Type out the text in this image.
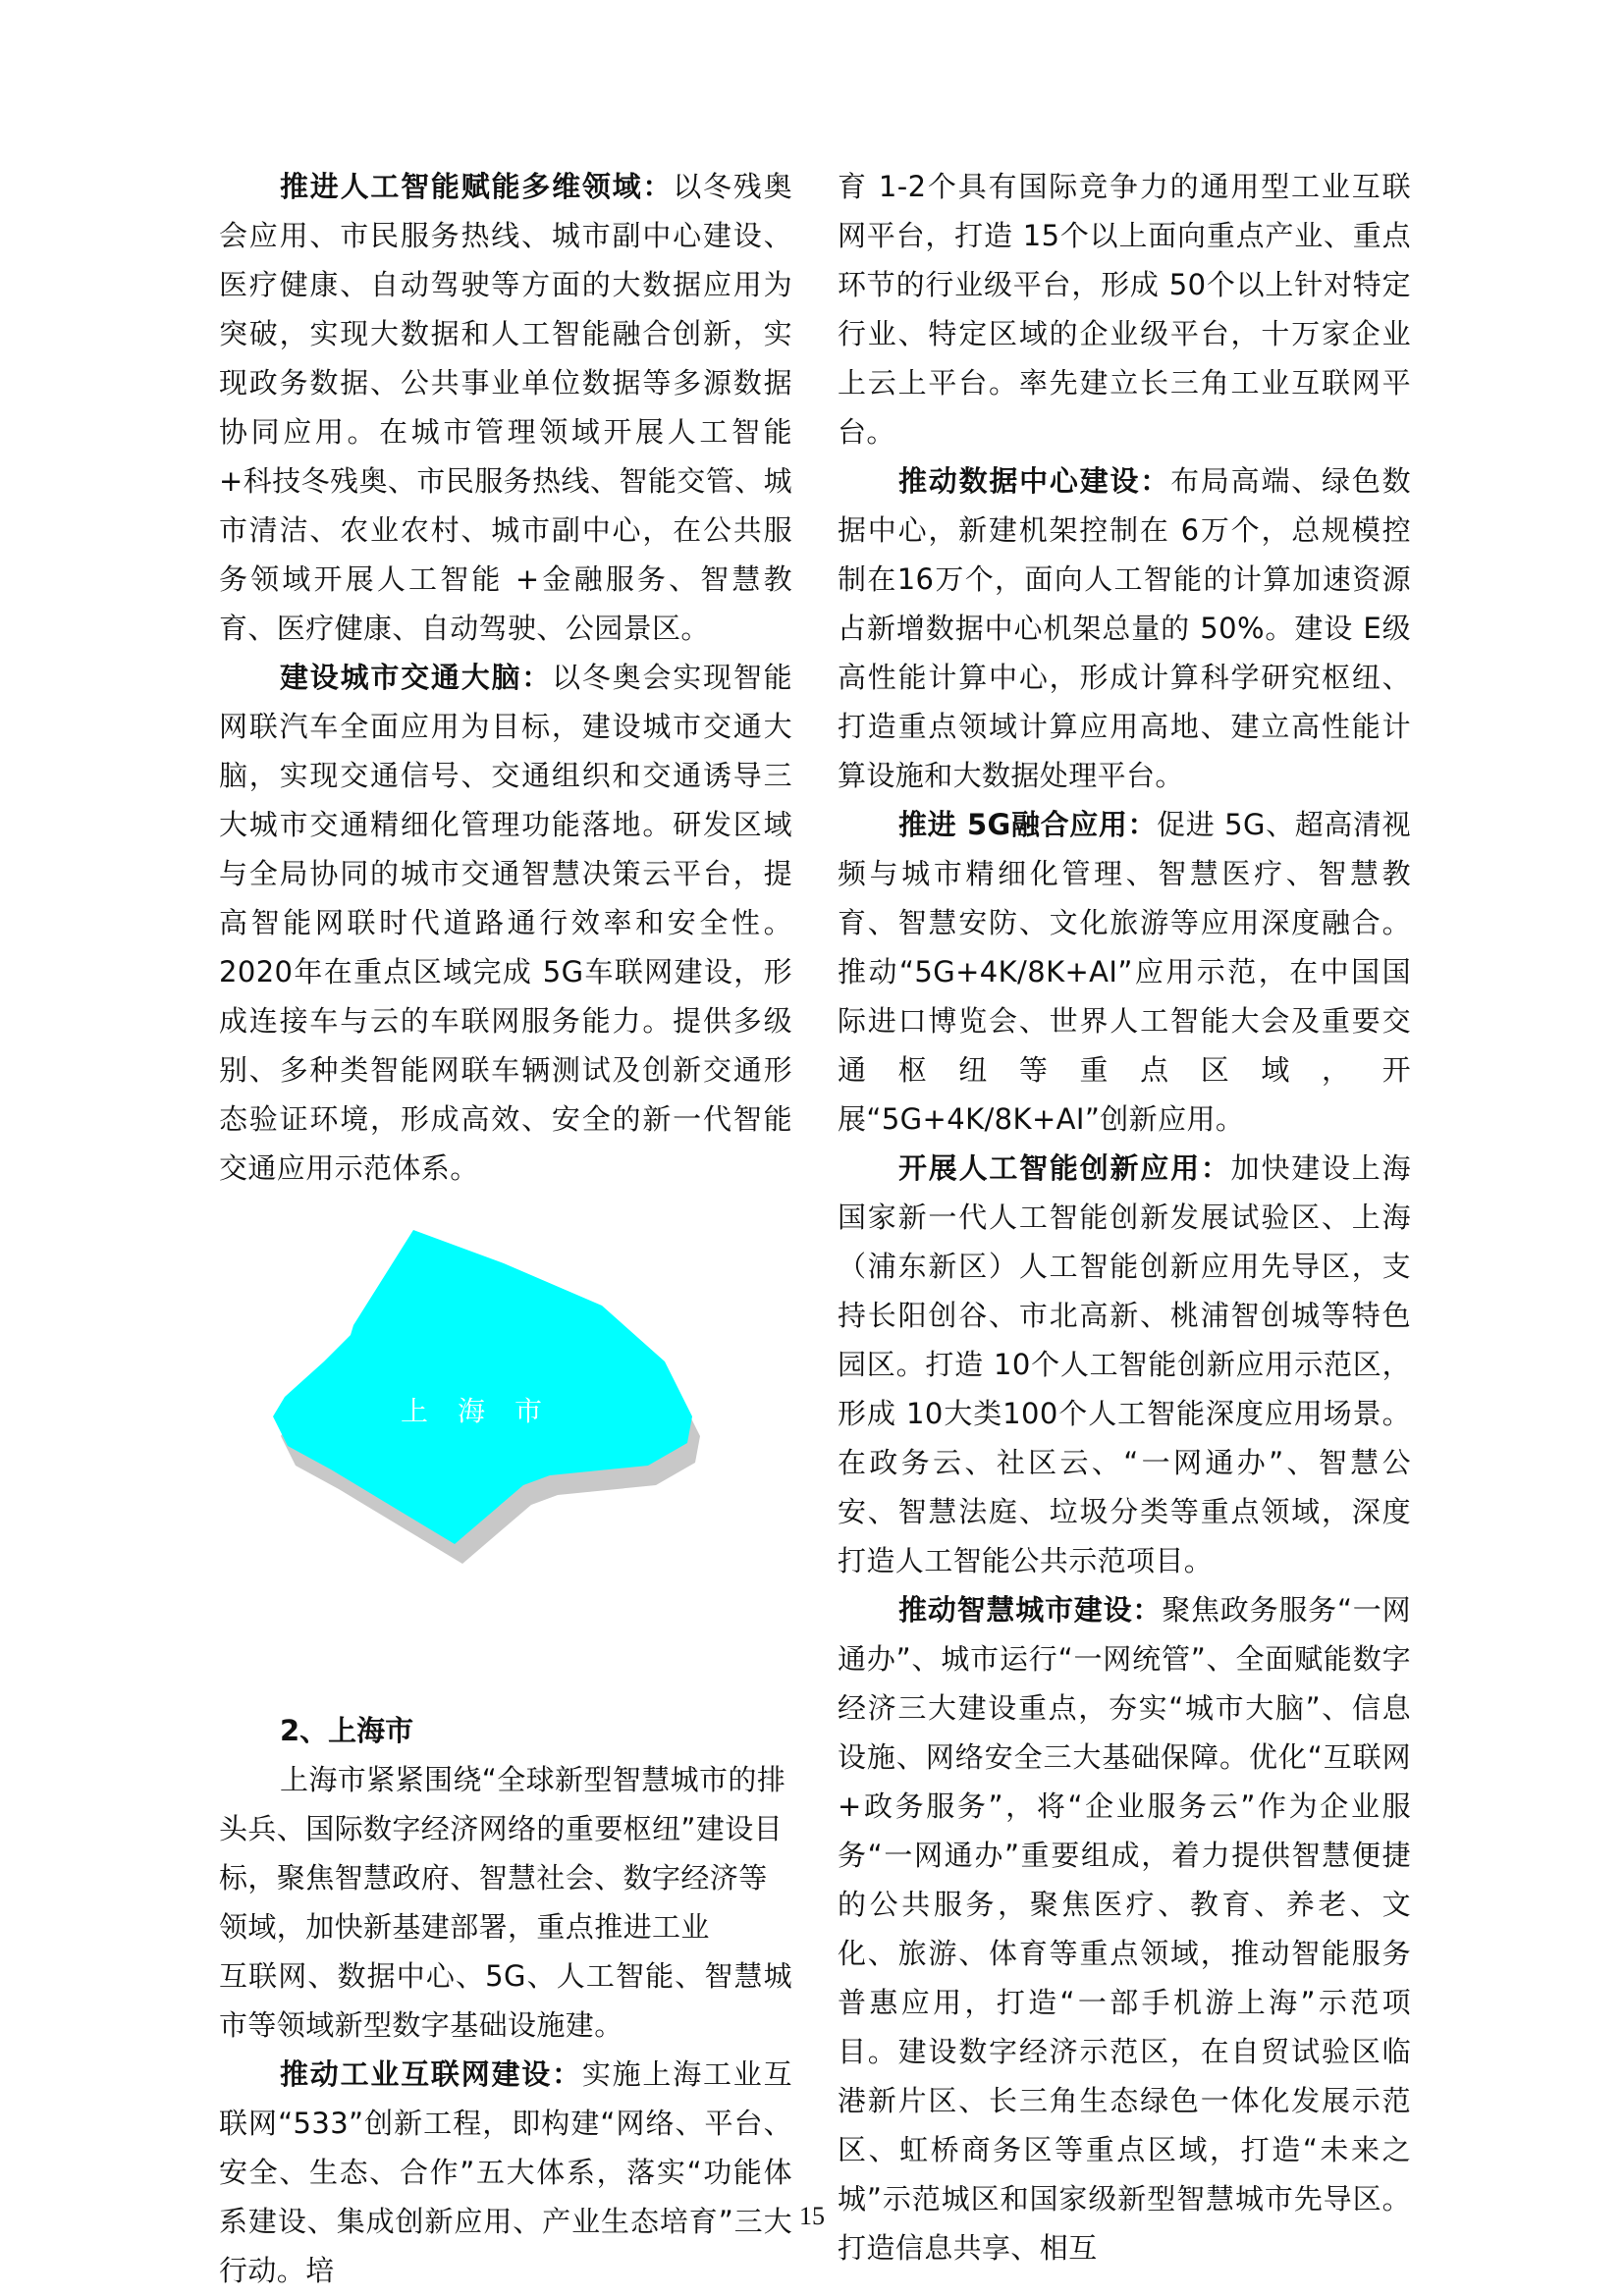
推进人工智能赋能多维领域：以冬残奥会应用、市民服务热线、城市副中心建设、医疗健康、自动驾驶等方面的大数据应用为突破，实现大数据和人工智能融合创新，实现政务数据、公共事业单位数据等多源数据协同应用。在城市管理领域开展人工智能 +科技冬残奥、市民服务热线、智能交管、城市清洁、农业农村、城市副中心，在公共服务领域开展人工智能 +金融服务、智慧教育、医疗健康、自动驾驶、公园景区。

建设城市交通大脑：以冬奥会实现智能网联汽车全面应用为目标，建设城市交通大脑，实现交通信号、交通组织和交通诱导三大城市交通精细化管理功能落地。研发区域与全局协同的城市交通智慧决策云平台，提高智能网联时代道路通行效率和安全性。2020年在重点区域完成 5G车联网建设，形成连接车与云的车联网服务能力。提供多级别、多种类智能网联车辆测试及创新交通形态验证环境，形成高效、安全的新一代智能交通应用示范体系。

上海市

2、上海市

上海市紧紧围绕“全球新型智慧城市的排头兵、国际数字经济网络的重要枢纽”建设目标，聚焦智慧政府、智慧社会、数字经济等领域，加快新基建部署，重点推进工业

互联网、数据中心、5G、人工智能、智慧城市等领域新型数字基础设施建。

推动工业互联网建设：实施上海工业互联网“533”创新工程，即构建“网络、平台、安全、生态、合作”五大体系，落实“功能体系建设、集成创新应用、产业生态培育”三大行动。培

育 1-2个具有国际竞争力的通用型工业互联网平台，打造 15个以上面向重点产业、重点环节的行业级平台，形成 50个以上针对特定行业、特定区域的企业级平台，十万家企业上云上平台。率先建立长三角工业互联网平台。

推动数据中心建设：布局高端、绿色数据中心，新建机架控制在 6万个，总规模控制在16万个，面向人工智能的计算加速资源占新增数据中心机架总量的 50%。建设 E级高性能计算中心，形成计算科学研究枢纽、打造重点领域计算应用高地、建立高性能计算设施和大数据处理平台。

推进 5G融合应用：促进 5G、超高清视频与城市精细化管理、智慧医疗、智慧教育、智慧安防、文化旅游等应用深度融合。推动“5G+4K/8K+AI”应用示范，在中国国际进口博览会、世界人工智能大会及重要交通枢纽等重点区域，开展“5G+4K/8K+AI”创新应用。

开展人工智能创新应用：加快建设上海国家新一代人工智能创新发展试验区、上海（浦东新区）人工智能创新应用先导区，支持长阳创谷、市北高新、桃浦智创城等特色园区。打造 10个人工智能创新应用示范区，形成 10大类100个人工智能深度应用场景。在政务云、社区云、“一网通办”、智慧公安、智慧法庭、垃圾分类等重点领域，深度打造人工智能公共示范项目。

推动智慧城市建设：聚焦政务服务“一网通办”、城市运行“一网统管”、全面赋能数字经济三大建设重点，夯实“城市大脑”、信息设施、网络安全三大基础保障。优化“互联网 +政务服务”，将“企业服务云”作为企业服务“一网通办”重要组成，着力提供智慧便捷的公共服务，聚焦医疗、教育、养老、文化、旅游、体育等重点领域，推动智能服务普惠应用，打造“一部手机游上海”示范项目。建设数字经济示范区，在自贸试验区临港新片区、长三角生态绿色一体化发展示范区、虹桥商务区等重点区域，打造“未来之城”示范城区和国家级新型智慧城市先导区。打造信息共享、相互

15
